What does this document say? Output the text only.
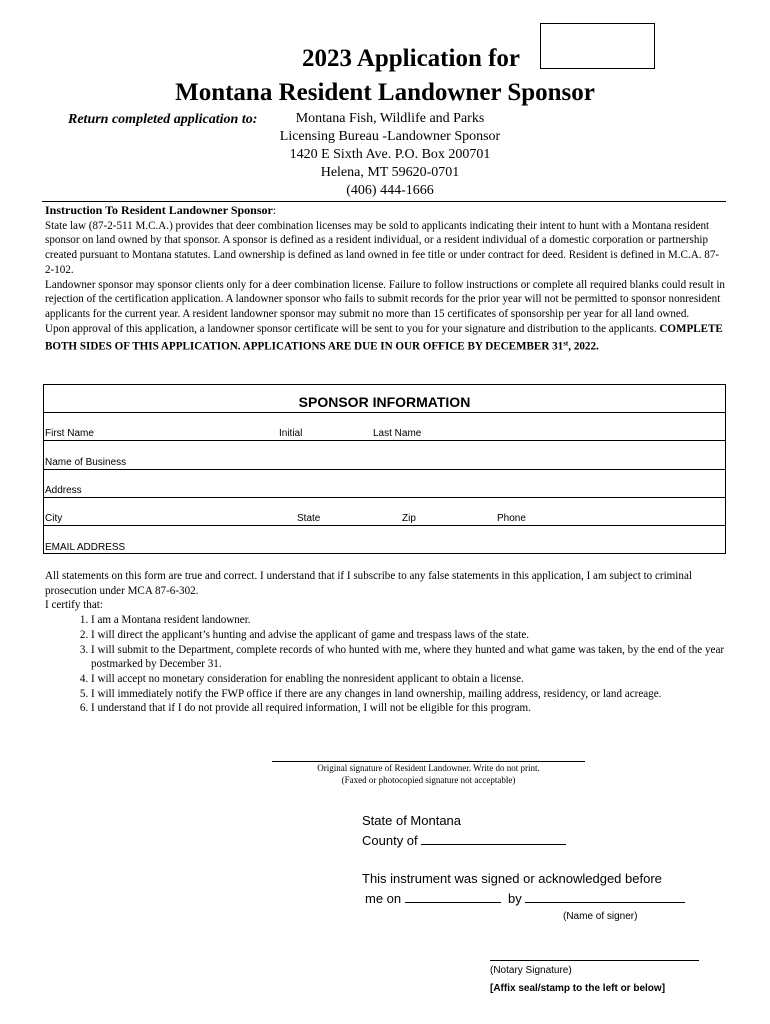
2023 Application for
Montana Resident Landowner Sponsor
Return completed application to:	Montana Fish, Wildlife and Parks
Licensing Bureau -Landowner Sponsor
1420 E Sixth Ave. P.O. Box 200701
Helena, MT 59620-0701
(406) 444-1666

Instruction To Resident Landowner Sponsor:

State law (87-2-511 M.C.A.) provides that deer combination licenses may be sold to applicants indicating their intent to hunt with a Montana resident sponsor on land owned by that sponsor. A sponsor is defined as a resident individual, or a resident individual of a domestic corporation or partnership created pursuant to Montana statutes. Land ownership is defined as land owned in fee title or under contract for deed. Resident is defined in M.C.A. 87-2-102.

Landowner sponsor may sponsor clients only for a deer combination license. Failure to follow instructions or complete all required blanks could result in rejection of the certification application. A landowner sponsor who fails to submit records for the prior year will not be permitted to sponsor nonresident applicants for the current year. A resident landowner sponsor may submit no more than 15 certificates of sponsorship per year for all land owned.

Upon approval of this application, a landowner sponsor certificate will be sent to you for your signature and distribution to the applicants. COMPLETE BOTH SIDES OF THIS APPLICATION. APPLICATIONS ARE DUE IN OUR OFFICE BY DECEMBER 31st, 2022.

SPONSOR INFORMATION
First Name	Initial	Last Name
Name of Business
Address
City	State	Zip	Phone
EMAIL ADDRESS

All statements on this form are true and correct. I understand that if I subscribe to any false statements in this application, I am subject to criminal prosecution under MCA 87-6-302.

I certify that:

1. I am a Montana resident landowner.
2. I will direct the applicant’s hunting and advise the applicant of game and trespass laws of the state.
3. I will submit to the Department, complete records of who hunted with me, where they hunted and what game was taken, by the end of the year postmarked by December 31.
4. I will accept no monetary consideration for enabling the nonresident applicant to obtain a license.
5. I will immediately notify the FWP office if there are any changes in land ownership, mailing address, residency, or land acreage.
6. I understand that if I do not provide all required information, I will not be eligible for this program.
Original signature of Resident Landowner. Write do not print.
(Faxed or photocopied signature not acceptable)
State of Montana
County of
This instrument was signed or acknowledged before
me on	by
(Name of signer)
(Notary Signature)
[Affix seal/stamp to the left or below]
